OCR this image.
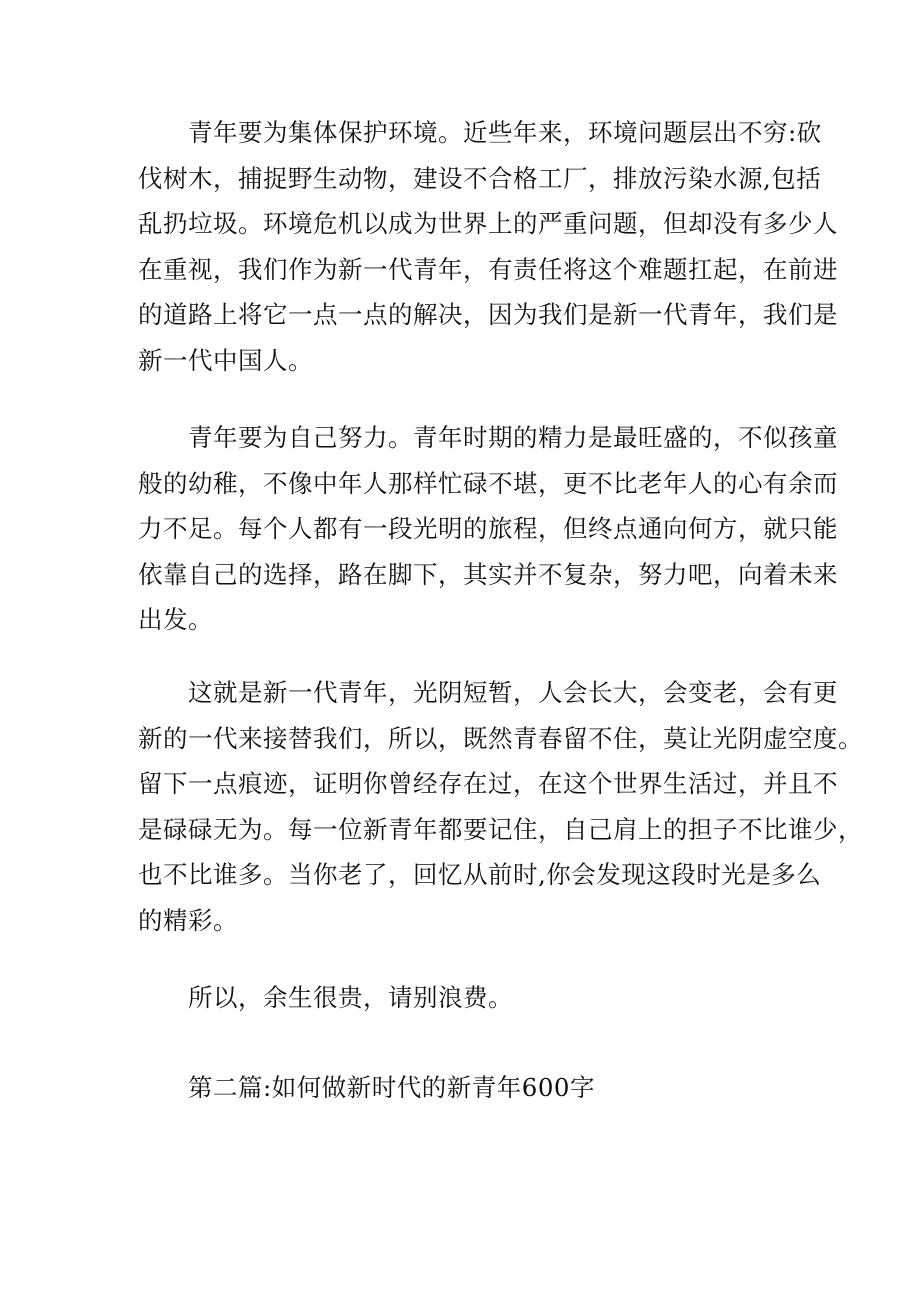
青年要为集体保护环境。近些年来，环境问题层出不穷:砍
伐树木，捕捉野生动物，建设不合格工厂，排放污染水源,包括
乱扔垃圾。环境危机以成为世界上的严重问题，但却没有多少人
在重视，我们作为新一代青年，有责任将这个难题扛起，在前进
的道路上将它一点一点的解决，因为我们是新一代青年，我们是
新一代中国人。
青年要为自己努力。青年时期的精力是最旺盛的，不似孩童
般的幼稚，不像中年人那样忙碌不堪，更不比老年人的心有余而
力不足。每个人都有一段光明的旅程，但终点通向何方，就只能
依靠自己的选择，路在脚下，其实并不复杂，努力吧，向着未来
出发。
这就是新一代青年，光阴短暂，人会长大，会变老，会有更
新的一代来接替我们，所以，既然青春留不住，莫让光阴虚空度。
留下一点痕迹，证明你曾经存在过，在这个世界生活过，并且不
是碌碌无为。每一位新青年都要记住，自己肩上的担子不比谁少，
也不比谁多。当你老了，回忆从前时,你会发现这段时光是多么
的精彩。
所以，余生很贵，请别浪费。
第二篇:如何做新时代的新青年600字
